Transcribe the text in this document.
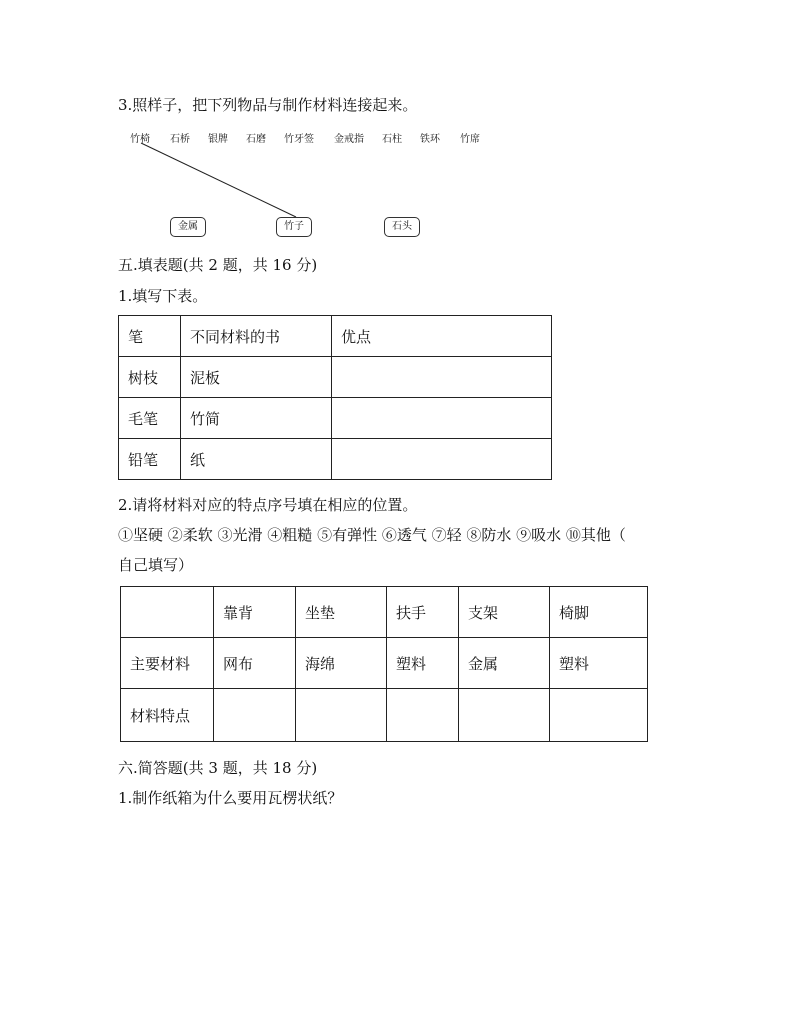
3.照样子，把下列物品与制作材料连接起来。
竹椅 石桥 银牌 石磨 竹牙签 金戒指 石柱 铁环 竹席
金属	竹子	石头
五.填表题(共 2 题，共 16 分)
1.填写下表。
笔	不同材料的书	优点
树枝	泥板	
毛笔	竹简	
铅笔	纸	
2.请将材料对应的特点序号填在相应的位置。
①坚硬 ②柔软 ③光滑 ④粗糙 ⑤有弹性 ⑥透气 ⑦轻 ⑧防水 ⑨吸水 ⑩其他（
自己填写）
	靠背	坐垫	扶手	支架	椅脚
主要材料	网布	海绵	塑料	金属	塑料
材料特点					
六.简答题(共 3 题，共 18 分)
1.制作纸箱为什么要用瓦楞状纸？
